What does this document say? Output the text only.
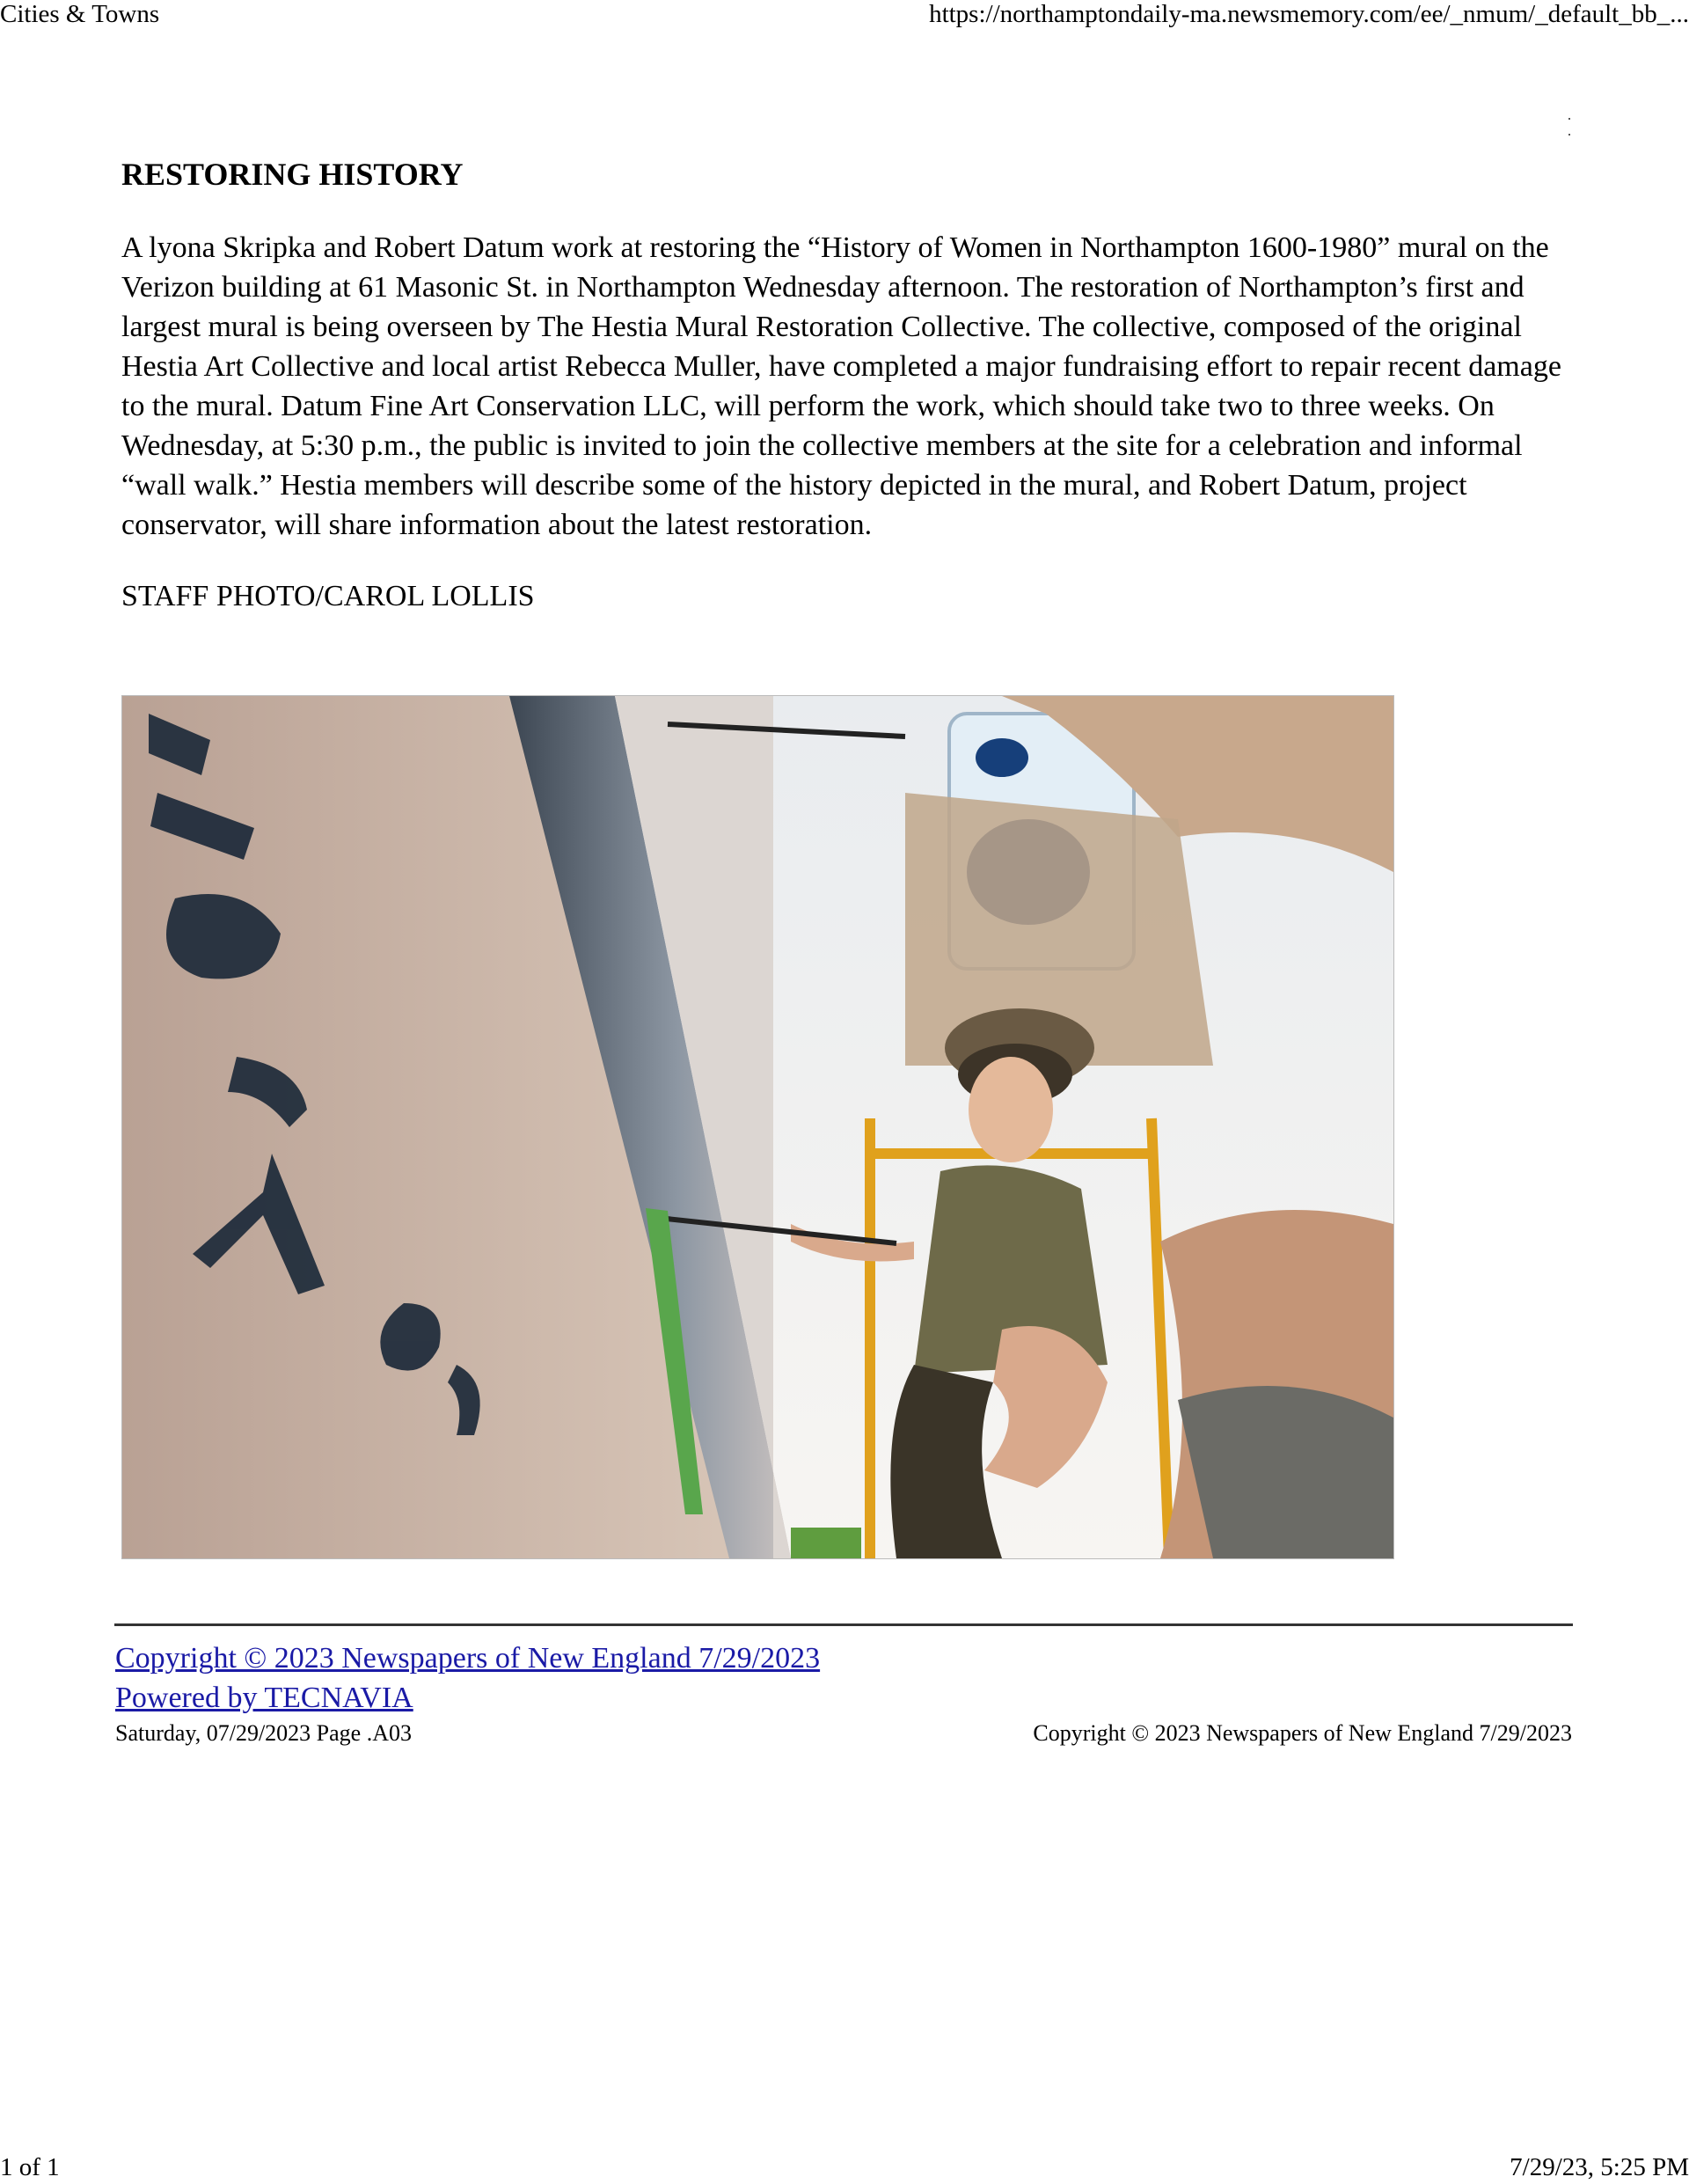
Cities & Towns	https://northamptondaily-ma.newsmemory.com/ee/_nmum/_default_bb_...
RESTORING HISTORY

A lyona Skripka and Robert Datum work at restoring the “History of Women in Northampton 1600-1980” mural on the Verizon building at 61 Masonic St. in Northampton Wednesday afternoon. The restoration of Northampton’s first and largest mural is being overseen by The Hestia Mural Restoration Collective. The collective, composed of the original Hestia Art Collective and local artist Rebecca Muller, have completed a major fundraising effort to repair recent damage to the mural. Datum Fine Art Conservation LLC, will perform the work, which should take two to three weeks. On Wednesday, at 5:30 p.m., the public is invited to join the collective members at the site for a celebration and informal “wall walk.” Hestia members will describe some of the history depicted in the mural, and Robert Datum, project conservator, will share information about the latest restoration.

STAFF PHOTO/CAROL LOLLIS

Copyright © 2023 Newspapers of New England 7/29/2023
Powered by TECNAVIA
Saturday, 07/29/2023 Page .A03	Copyright © 2023 Newspapers of New England 7/29/2023
1 of 1	7/29/23, 5:25 PM
